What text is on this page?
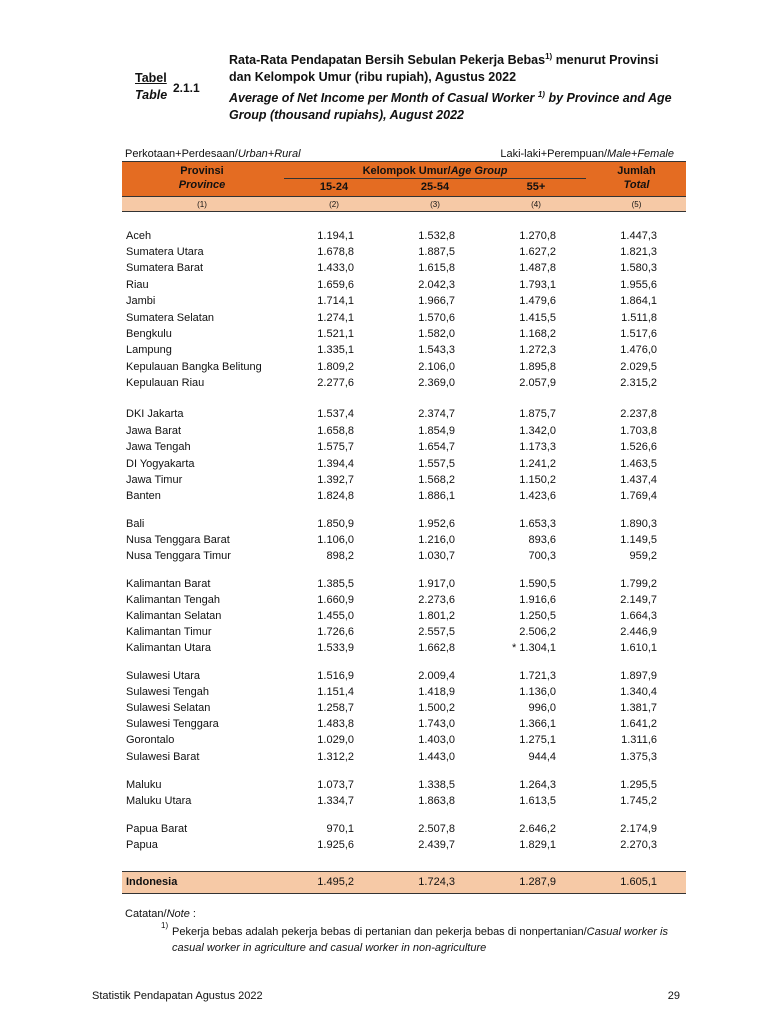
Tabel
Table 2.1.1
Rata-Rata Pendapatan Bersih Sebulan Pekerja Bebas$^{1)}$ menurut Provinsi dan Kelompok Umur (ribu rupiah), Agustus 2022
Average of Net Income per Month of Casual Worker $^{1)}$ by Province and Age Group (thousand rupiahs), August 2022
Perkotaan+Perdesaan/Urban+Rural	Laki-laki+Perempuan/Male+Female
Provinsi
Province
Kelompok Umur/Age Group
15-24	25-54	55+
Jumlah
Total
(1)	(2)	(3)	(4)	(5)
Aceh	1.194,1	1.532,8	1.270,8	1.447,3
Sumatera Utara	1.678,8	1.887,5	1.627,2	1.821,3
Sumatera Barat	1.433,0	1.615,8	1.487,8	1.580,3
Riau	1.659,6	2.042,3	1.793,1	1.955,6
Jambi	1.714,1	1.966,7	1.479,6	1.864,1
Sumatera Selatan	1.274,1	1.570,6	1.415,5	1.511,8
Bengkulu	1.521,1	1.582,0	1.168,2	1.517,6
Lampung	1.335,1	1.543,3	1.272,3	1.476,0
Kepulauan Bangka Belitung	1.809,2	2.106,0	1.895,8	2.029,5
Kepulauan Riau	2.277,6	2.369,0	2.057,9	2.315,2
DKI Jakarta	1.537,4	2.374,7	1.875,7	2.237,8
Jawa Barat	1.658,8	1.854,9	1.342,0	1.703,8
Jawa Tengah	1.575,7	1.654,7	1.173,3	1.526,6
DI Yogyakarta	1.394,4	1.557,5	1.241,2	1.463,5
Jawa Timur	1.392,7	1.568,2	1.150,2	1.437,4
Banten	1.824,8	1.886,1	1.423,6	1.769,4
Bali	1.850,9	1.952,6	1.653,3	1.890,3
Nusa Tenggara Barat	1.106,0	1.216,0	893,6	1.149,5
Nusa Tenggara Timur	898,2	1.030,7	700,3	959,2
Kalimantan Barat	1.385,5	1.917,0	1.590,5	1.799,2
Kalimantan Tengah	1.660,9	2.273,6	1.916,6	2.149,7
Kalimantan Selatan	1.455,0	1.801,2	1.250,5	1.664,3
Kalimantan Timur	1.726,6	2.557,5	2.506,2	2.446,9
Kalimantan Utara	1.533,9	1.662,8	* 1.304,1	1.610,1
Sulawesi Utara	1.516,9	2.009,4	1.721,3	1.897,9
Sulawesi Tengah	1.151,4	1.418,9	1.136,0	1.340,4
Sulawesi Selatan	1.258,7	1.500,2	996,0	1.381,7
Sulawesi Tenggara	1.483,8	1.743,0	1.366,1	1.641,2
Gorontalo	1.029,0	1.403,0	1.275,1	1.311,6
Sulawesi Barat	1.312,2	1.443,0	944,4	1.375,3
Maluku	1.073,7	1.338,5	1.264,3	1.295,5
Maluku Utara	1.334,7	1.863,8	1.613,5	1.745,2
Papua Barat	970,1	2.507,8	2.646,2	2.174,9
Papua	1.925,6	2.439,7	1.829,1	2.270,3
Indonesia	1.495,2	1.724,3	1.287,9	1.605,1
Catatan/Note :
1)
Pekerja bebas adalah pekerja bebas di pertanian dan pekerja bebas di nonpertanian/Casual worker is casual worker in agriculture and casual worker in non-agriculture
Statistik Pendapatan Agustus 2022	29
